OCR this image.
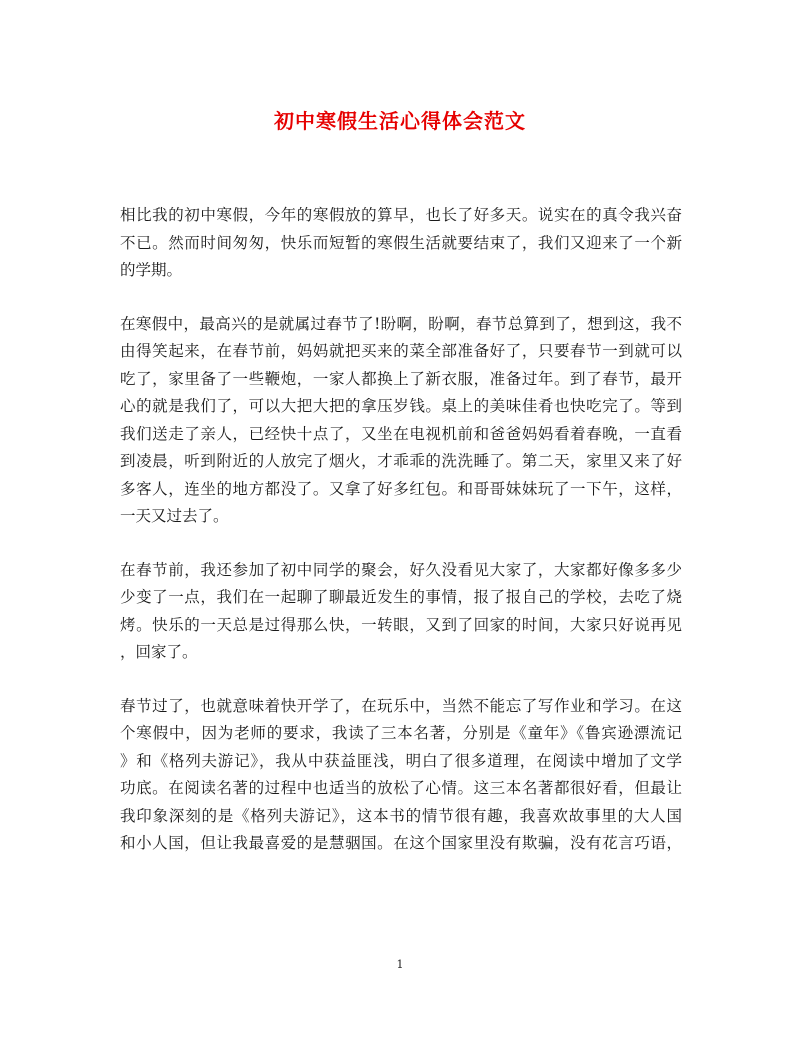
初中寒假生活心得体会范文
相比我的初中寒假，今年的寒假放的算早，也长了好多天。说实在的真令我兴奋
不已。然而时间匆匆，快乐而短暂的寒假生活就要结束了，我们又迎来了一个新
的学期。
在寒假中，最高兴的是就属过春节了!盼啊，盼啊，春节总算到了，想到这，我不
由得笑起来，在春节前，妈妈就把买来的菜全部准备好了，只要春节一到就可以
吃了，家里备了一些鞭炮，一家人都换上了新衣服，准备过年。到了春节，最开
心的就是我们了，可以大把大把的拿压岁钱。桌上的美味佳肴也快吃完了。等到
我们送走了亲人，已经快十点了，又坐在电视机前和爸爸妈妈看着春晚，一直看
到凌晨，听到附近的人放完了烟火，才乖乖的洗洗睡了。第二天，家里又来了好
多客人，连坐的地方都没了。又拿了好多红包。和哥哥妹妹玩了一下午，这样，
一天又过去了。
在春节前，我还参加了初中同学的聚会，好久没看见大家了，大家都好像多多少
少变了一点，我们在一起聊了聊最近发生的事情，报了报自己的学校，去吃了烧
烤。快乐的一天总是过得那么快，一转眼，又到了回家的时间，大家只好说再见
，回家了。
春节过了，也就意味着快开学了，在玩乐中，当然不能忘了写作业和学习。在这
个寒假中，因为老师的要求，我读了三本名著，分别是《童年》《鲁宾逊漂流记
》和《格列夫游记》，我从中获益匪浅，明白了很多道理，在阅读中增加了文学
功底。在阅读名著的过程中也适当的放松了心情。这三本名著都很好看，但最让
我印象深刻的是《格列夫游记》，这本书的情节很有趣，我喜欢故事里的大人国
和小人国，但让我最喜爱的是慧骃国。在这个国家里没有欺骗，没有花言巧语，
1
